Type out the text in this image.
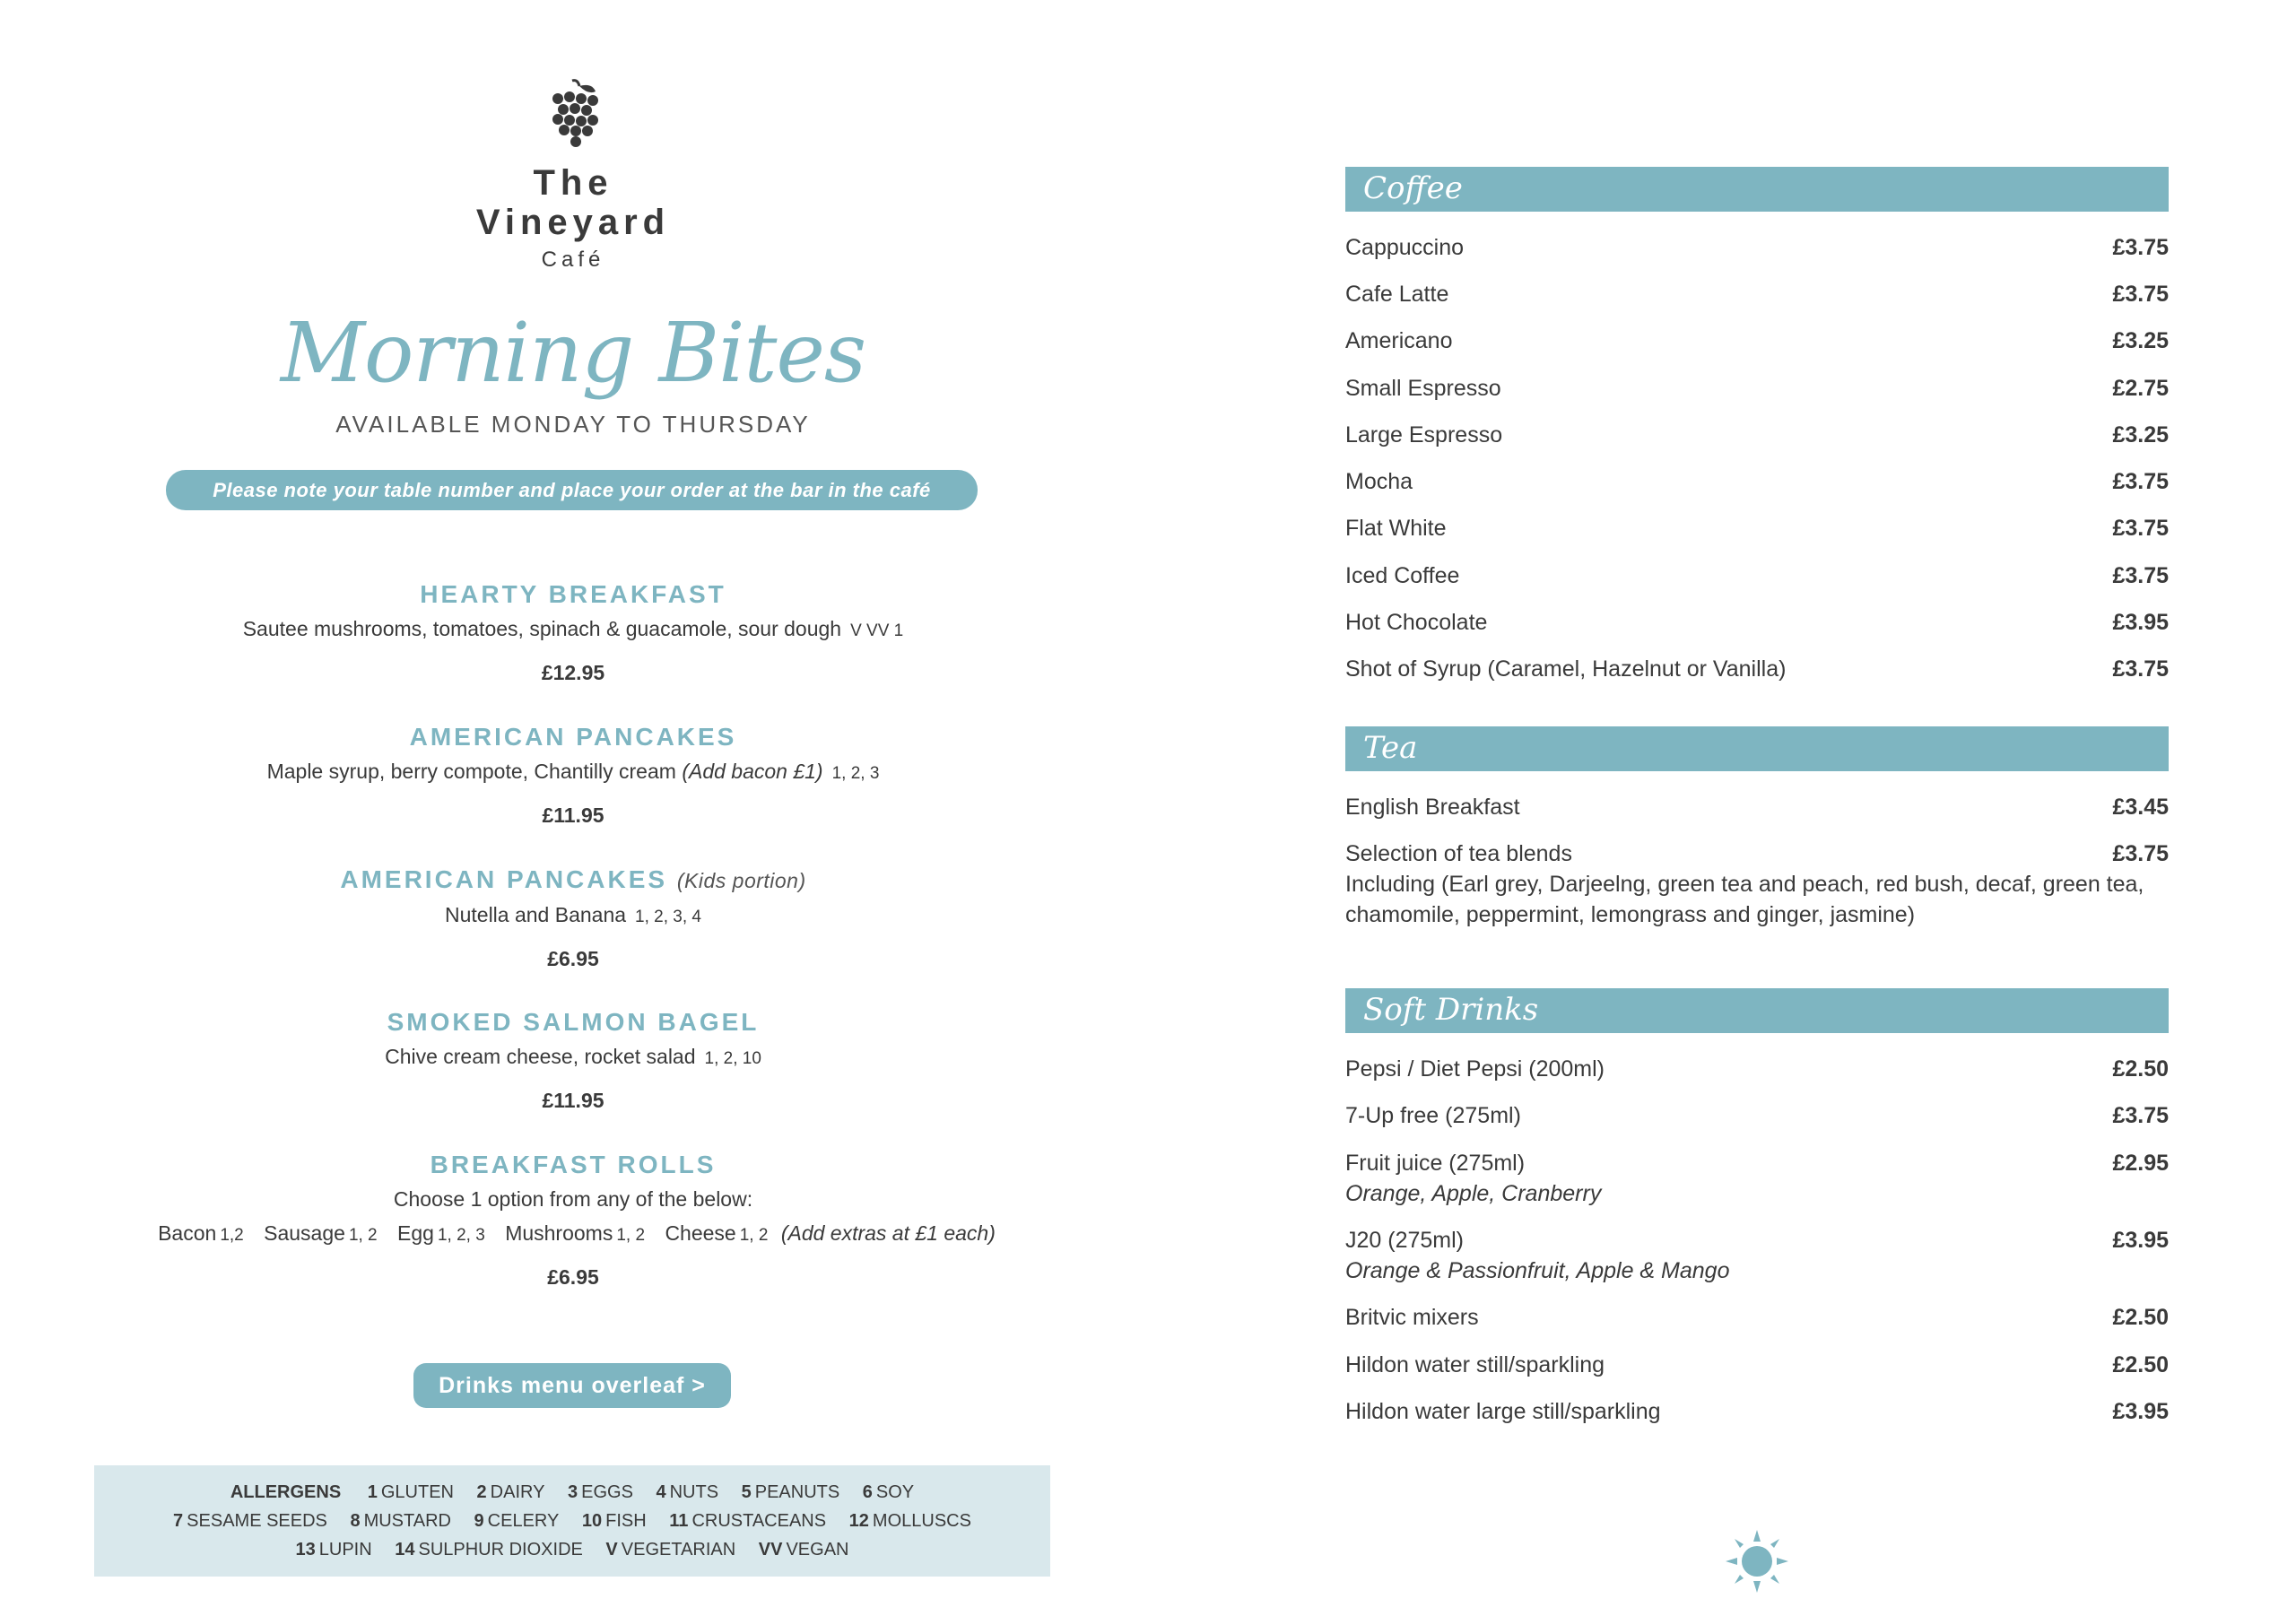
The
Vineyard
Café
Morning Bites
AVAILABLE MONDAY TO THURSDAY
Please note your table number and place your order at the bar in the café
HEARTY BREAKFAST
Sautee mushrooms, tomatoes, spinach & guacamole, sour dough V VV 1
£12.95
AMERICAN PANCAKES
Maple syrup, berry compote, Chantilly cream (Add bacon £1) 1, 2, 3
£11.95
AMERICAN PANCAKES (Kids portion)
Nutella and Banana 1, 2, 3, 4
£6.95
SMOKED SALMON BAGEL
Chive cream cheese, rocket salad 1, 2, 10
£11.95
BREAKFAST ROLLS
Choose 1 option from any of the below:
Bacon 1,2 Sausage 1, 2 Egg 1, 2, 3 Mushrooms 1, 2 Cheese 1, 2 (Add extras at £1 each)
£6.95
Drinks menu overleaf >
ALLERGENS 1 GLUTEN 2 DAIRY 3 EGGS 4 NUTS 5 PEANUTS 6 SOY
7 SESAME SEEDS 8 MUSTARD 9 CELERY 10 FISH 11 CRUSTACEANS 12 MOLLUSCS
13 LUPIN 14 SULPHUR DIOXIDE V VEGETARIAN VV VEGAN
Coffee
Cappuccino	£3.75
Cafe Latte	£3.75
Americano	£3.25
Small Espresso	£2.75
Large Espresso	£3.25
Mocha	£3.75
Flat White	£3.75
Iced Coffee	£3.75
Hot Chocolate	£3.95
Shot of Syrup (Caramel, Hazelnut or Vanilla)	£3.75
Tea
English Breakfast	£3.45
Selection of tea blends	£3.75
Including (Earl grey, Darjeelng, green tea and peach, red bush, decaf, green tea, chamomile, peppermint, lemongrass and ginger, jasmine)
Soft Drinks
Pepsi / Diet Pepsi (200ml)	£2.50
7-Up free (275ml)	£3.75
Fruit juice (275ml)	£2.95
Orange, Apple, Cranberry
J20 (275ml)	£3.95
Orange & Passionfruit, Apple & Mango
Britvic mixers	£2.50
Hildon water still/sparkling	£2.50
Hildon water large still/sparkling	£3.95
